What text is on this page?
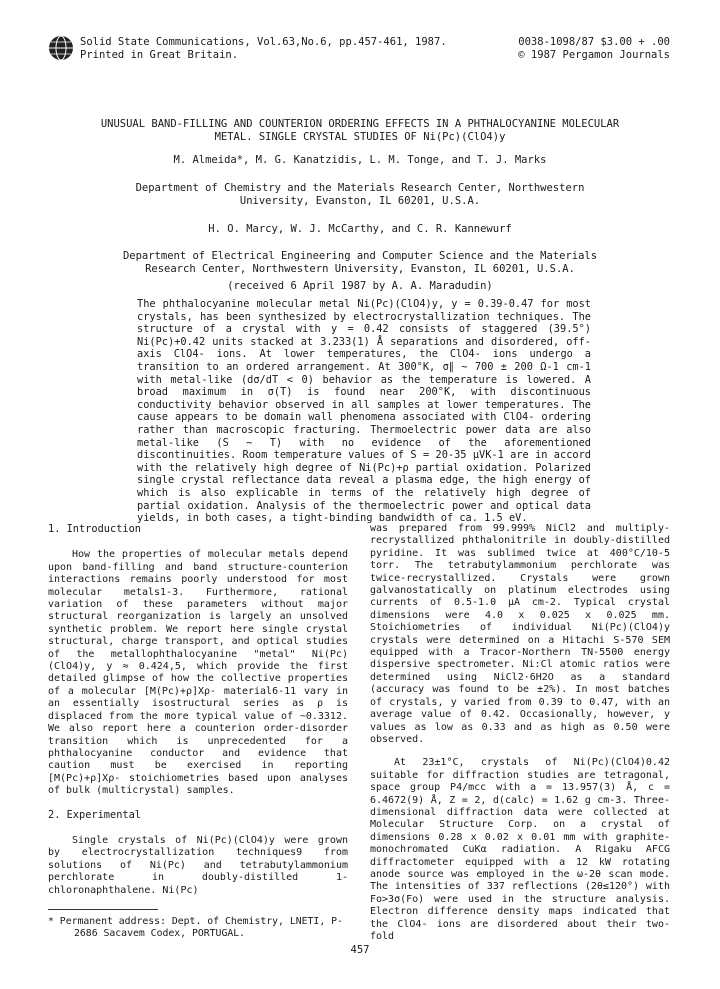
Solid State Communications, Vol.63,No.6, pp.457-461, 1987.
Printed in Great Britain.
0038-1098/87 $3.00 + .00
© 1987 Pergamon Journals
UNUSUAL BAND-FILLING AND COUNTERION ORDERING EFFECTS IN A PHTHALOCYANINE MOLECULAR
METAL. SINGLE CRYSTAL STUDIES OF Ni(Pc)(ClO4)y
M. Almeida*, M. G. Kanatzidis, L. M. Tonge, and T. J. Marks
Department of Chemistry and the Materials Research Center, Northwestern
University, Evanston, IL 60201, U.S.A.
H. O. Marcy, W. J. McCarthy, and C. R. Kannewurf
Department of Electrical Engineering and Computer Science and the Materials
Research Center, Northwestern University, Evanston, IL 60201, U.S.A.
(received 6 April 1987 by A. A. Maradudin)
The phthalocyanine molecular metal Ni(Pc)(ClO4)y, y = 0.39-0.47 for most crystals, has been synthesized by electrocrystallization techniques. The structure of a crystal with y = 0.42 consists of staggered (39.5°) Ni(Pc)+0.42 units stacked at 3.233(1) Å separations and disordered, off-axis ClO4- ions. At lower temperatures, the ClO4- ions undergo a transition to an ordered arrangement. At 300°K, σ∥ ~ 700 ± 200 Ω-1 cm-1 with metal-like (dσ/dT < 0) behavior as the temperature is lowered. A broad maximum in σ(T) is found near 200°K, with discontinuous conductivity behavior observed in all samples at lower temperatures. The cause appears to be domain wall phenomena associated with ClO4- ordering rather than macroscopic fracturing. Thermoelectric power data are also metal-like (S ~ T) with no evidence of the aforementioned discontinuities. Room temperature values of S = 20-35 μVK-1 are in accord with the relatively high degree of Ni(Pc)+ρ partial oxidation. Polarized single crystal reflectance data reveal a plasma edge, the high energy of which is also explicable in terms of the relatively high degree of partial oxidation. Analysis of the thermoelectric power and optical data yields, in both cases, a tight-binding bandwidth of ca. 1.5 eV.
1. Introduction
How the properties of molecular metals depend upon band-filling and band structure-counterion interactions remains poorly understood for most molecular metals1-3. Furthermore, rational variation of these parameters without major structural reorganization is largely an unsolved synthetic problem. We report here single crystal structural, charge transport, and optical studies of the metallophthalocyanine "metal" Ni(Pc)(ClO4)y, y ≈ 0.424,5, which provide the first detailed glimpse of how the collective properties of a molecular [M(Pc)+ρ]Xρ- material6-11 vary in an essentially isostructural series as ρ is displaced from the more typical value of ~0.3312. We also report here a counterion order-disorder transition which is unprecedented for a phthalocyanine conductor and evidence that caution must be exercised in reporting [M(Pc)+ρ]Xρ- stoichiometries based upon analyses of bulk (multicrystal) samples.
2. Experimental
Single crystals of Ni(Pc)(ClO4)y were grown by electrocrystallization techniques9 from solutions of Ni(Pc) and tetrabutylammonium perchlorate in doubly-distilled 1-chloronaphthalene. Ni(Pc)
* Permanent address: Dept. of Chemistry, LNETI, P-2686 Sacavem Codex, PORTUGAL.
was prepared from 99.999% NiCl2 and multiply-recrystallized phthalonitrile in doubly-distilled pyridine. It was sublimed twice at 400°C/10-5 torr. The tetrabutylammonium perchlorate was twice-recrystallized. Crystals were grown galvanostatically on platinum electrodes using currents of 0.5-1.0 μA cm-2. Typical crystal dimensions were 4.0 x 0.025 x 0.025 mm. Stoichiometries of individual Ni(Pc)(ClO4)y crystals were determined on a Hitachi S-570 SEM equipped with a Tracor-Northern TN-5500 energy dispersive spectrometer. Ni:Cl atomic ratios were determined using NiCl2·6H2O as a standard (accuracy was found to be ±2%). In most batches of crystals, y varied from 0.39 to 0.47, with an average value of 0.42. Occasionally, however, y values as low as 0.33 and as high as 0.50 were observed.
At 23±1°C, crystals of Ni(Pc)(ClO4)0.42 suitable for diffraction studies are tetragonal, space group P4/mcc with a = 13.957(3) Å, c = 6.4672(9) Å, Z = 2, d(calc) = 1.62 g cm-3. Three-dimensional diffraction data were collected at Molecular Structure Corp. on a crystal of dimensions 0.28 x 0.02 x 0.01 mm with graphite-monochromated CuKα radiation. A Rigaku AFCG diffractometer equipped with a 12 kW rotating anode source was employed in the ω-2θ scan mode. The intensities of 337 reflections (2θ≤120°) with Fo>3σ(Fo) were used in the structure analysis. Electron difference density maps indicated that the ClO4- ions are disordered about their two-fold
457
